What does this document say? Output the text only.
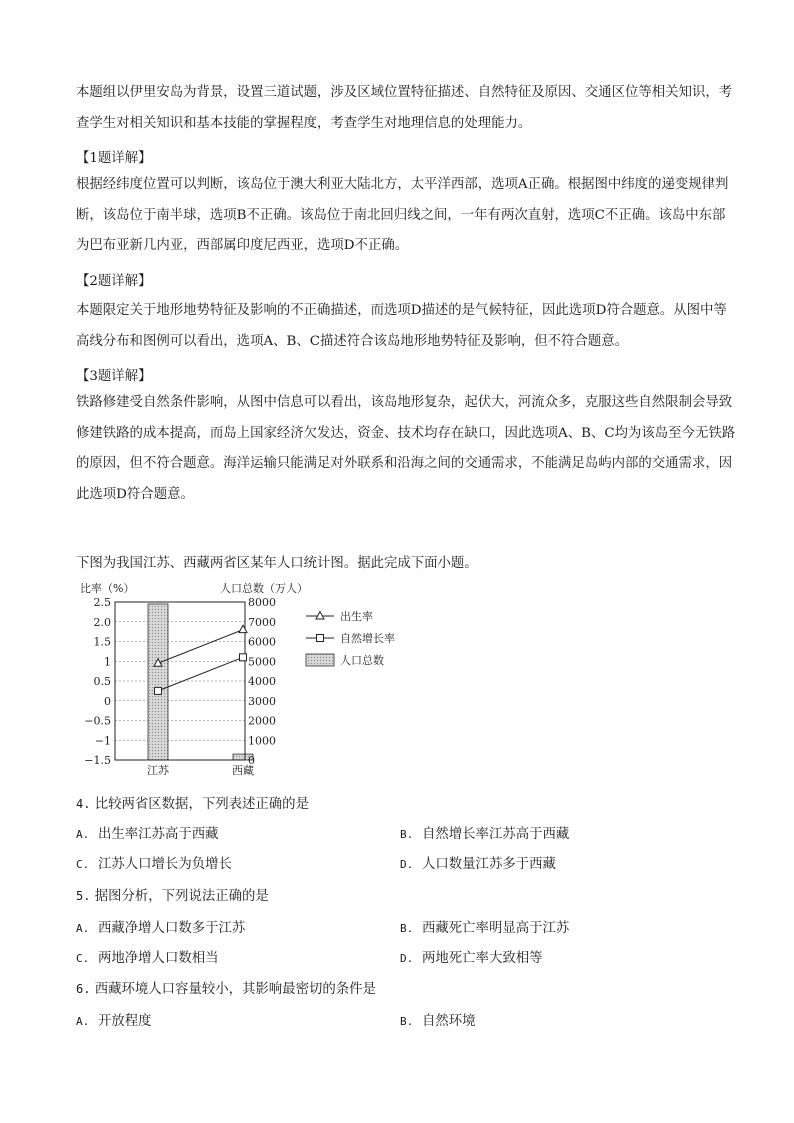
本题组以伊里安岛为背景，设置三道试题，涉及区域位置特征描述、自然特征及原因、交通区位等相关知识，考查学生对相关知识和基本技能的掌握程度，考查学生对地理信息的处理能力。

【1题详解】

根据经纬度位置可以判断，该岛位于澳大利亚大陆北方，太平洋西部，选项A正确。根据图中纬度的递变规律判断，该岛位于南半球，选项B不正确。该岛位于南北回归线之间，一年有两次直射，选项C不正确。该岛中东部为巴布亚新几内亚，西部属印度尼西亚，选项D不正确。

【2题详解】

本题限定关于地形地势特征及影响的不正确描述，而选项D描述的是气候特征，因此选项D符合题意。从图中等高线分布和图例可以看出，选项A、B、C描述符合该岛地形地势特征及影响，但不符合题意。

【3题详解】

铁路修建受自然条件影响，从图中信息可以看出，该岛地形复杂，起伏大，河流众多，克服这些自然限制会导致修建铁路的成本提高，而岛上国家经济欠发达，资金、技术均存在缺口，因此选项A、B、C均为该岛至今无铁路的原因，但不符合题意。海洋运输只能满足对外联系和沿海之间的交通需求，不能满足岛屿内部的交通需求，因此选项D符合题意。

下图为我国江苏、西藏两省区某年人口统计图。据此完成下面小题。

比率（%）	人口总数（万人）
2.5	8000
2.0	7000
1.5	6000
1	5000
0.5	4000
0	3000
−0.5	2000
−1	1000
−1.5	0
江苏	西藏
出生率
自然增长率
人口总数

4. 比较两省区数据，下列表述正确的是

A. 出生率江苏高于西藏	B. 自然增长率江苏高于西藏

C. 江苏人口增长为负增长	D. 人口数量江苏多于西藏

5. 据图分析，下列说法正确的是

A. 西藏净增人口数多于江苏	B. 西藏死亡率明显高于江苏

C. 两地净增人口数相当	D. 两地死亡率大致相等

6. 西藏环境人口容量较小，其影响最密切的条件是

A. 开放程度	B. 自然环境
